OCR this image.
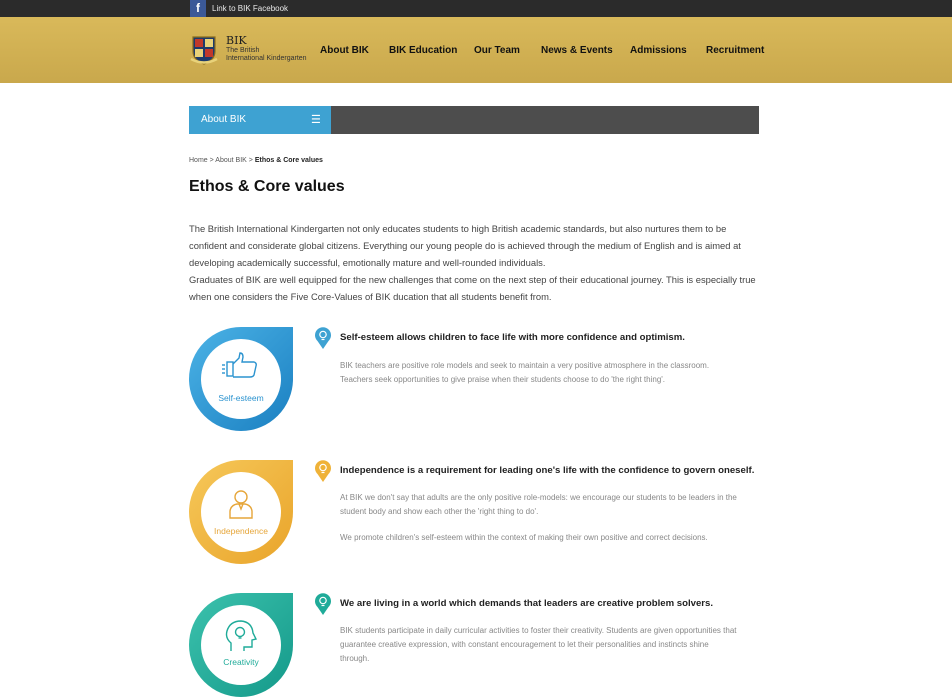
f	Link to BIK Facebook
BIK
The British
International Kindergarten
About BIK BIK Education Our Team News & Events Admissions Recruitment
About BIK	☰
Home > About BIK > Ethos & Core values
Ethos & Core values

The British International Kindergarten not only educates students to high British academic standards, but also nurtures them to be confident and considerate global citizens. Everything our young people do is achieved through the medium of English and is aimed at developing academically successful, emotionally mature and well-rounded individuals.

Graduates of BIK are well equipped for the new challenges that come on the next step of their educational journey. This is especially true when one considers the Five Core-Values of BIK ducation that all students benefit from.

Self-esteem
Self-esteem allows children to face life with more confidence and optimism.

BIK teachers are positive role models and seek to maintain a very positive atmosphere in the classroom. Teachers seek opportunities to give praise when their students choose to do 'the right thing'.

Independence
Independence is a requirement for leading one's life with the confidence to govern oneself.

At BIK we don't say that adults are the only positive role-models: we encourage our students to be leaders in the student body and show each other the 'right thing to do'.

We promote children's self-esteem within the context of making their own positive and correct decisions.

Creativity
We are living in a world which demands that leaders are creative problem solvers.

BIK students participate in daily curricular activities to foster their creativity. Students are given opportunities that guarantee creative expression, with constant encouragement to let their personalities and instincts shine through.
